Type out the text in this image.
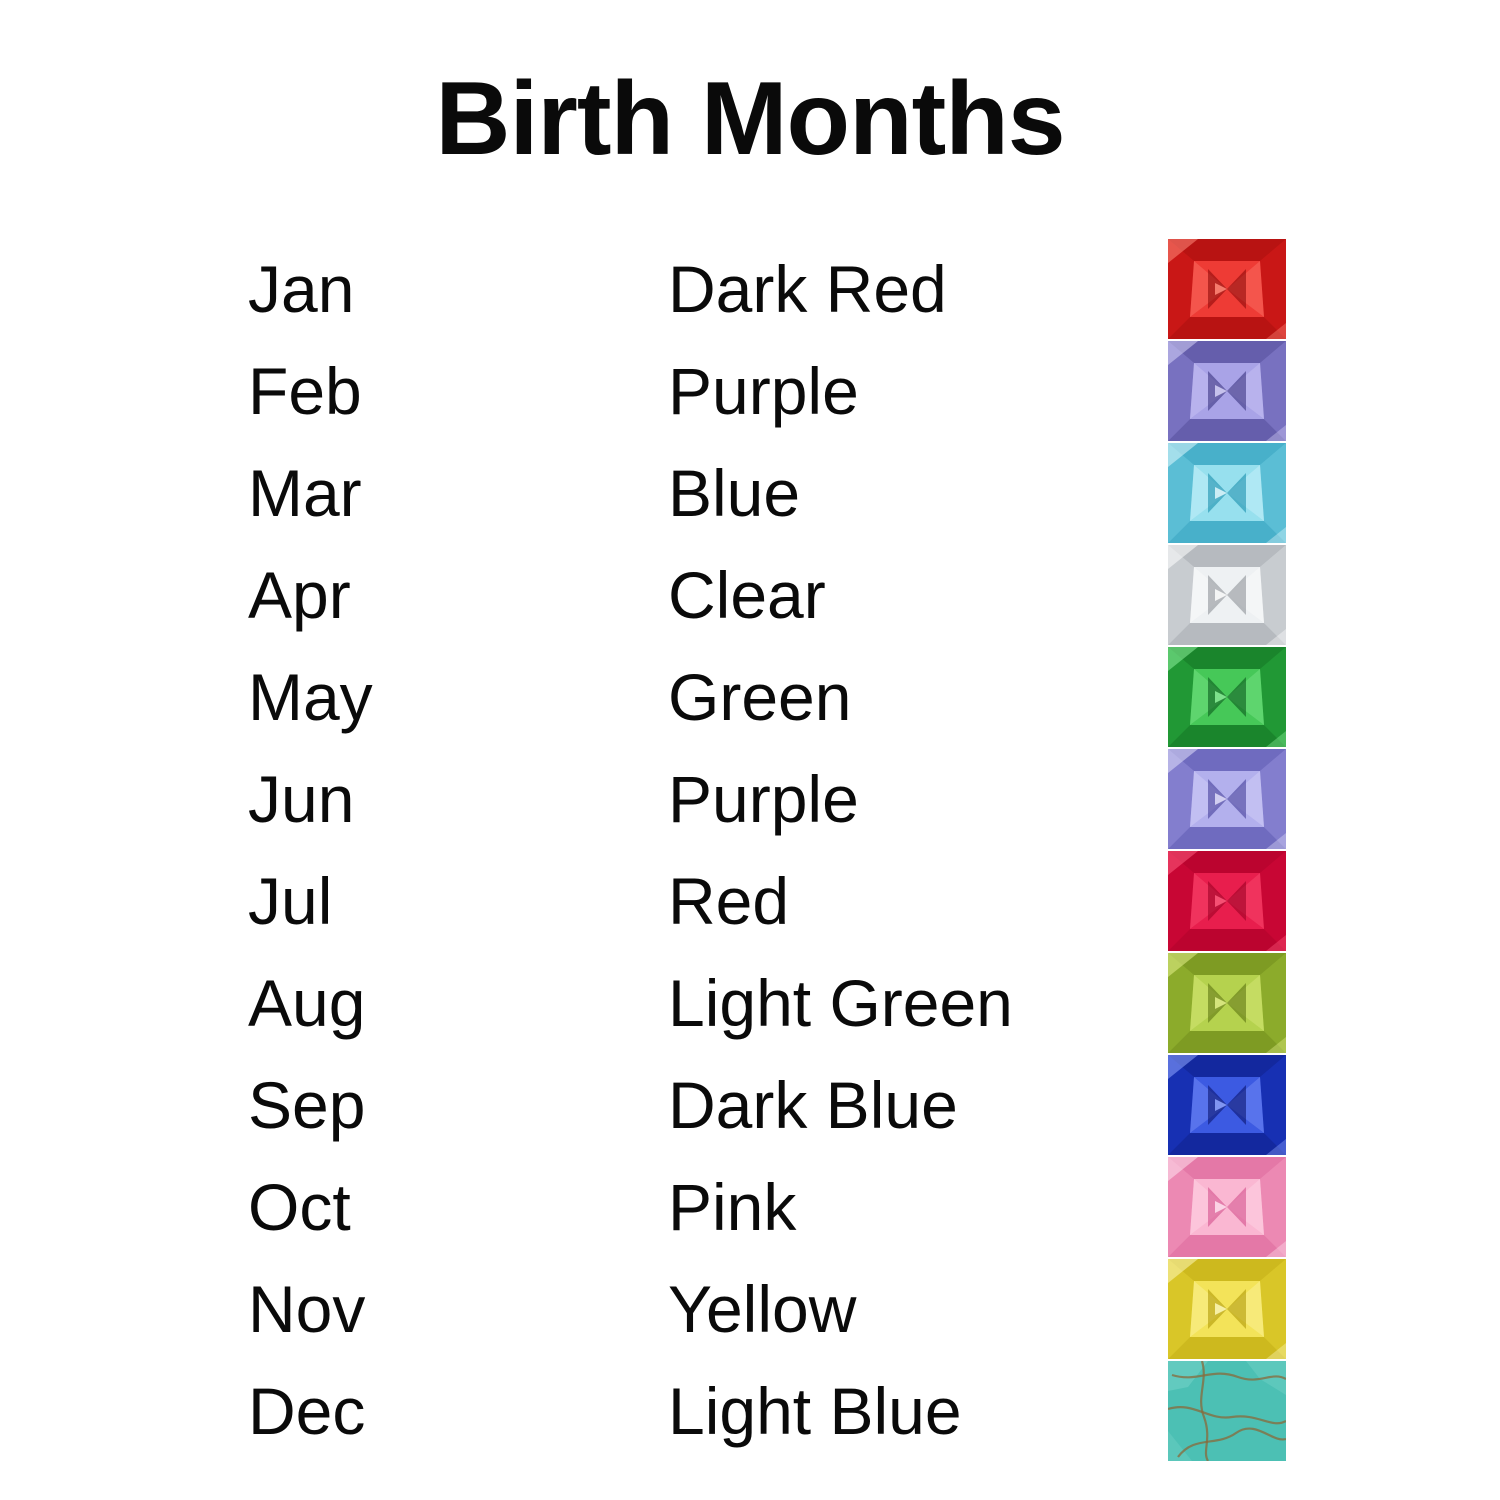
Birth Months
Jan	Dark Red	

Feb	Purple	

Mar	Blue	

Apr	Clear	

May	Green	

Jun	Purple	

Jul	Red	

Aug	Light Green	

Sep	Dark Blue	

Oct	Pink	

Nov	Yellow	

Dec	Light Blue	
